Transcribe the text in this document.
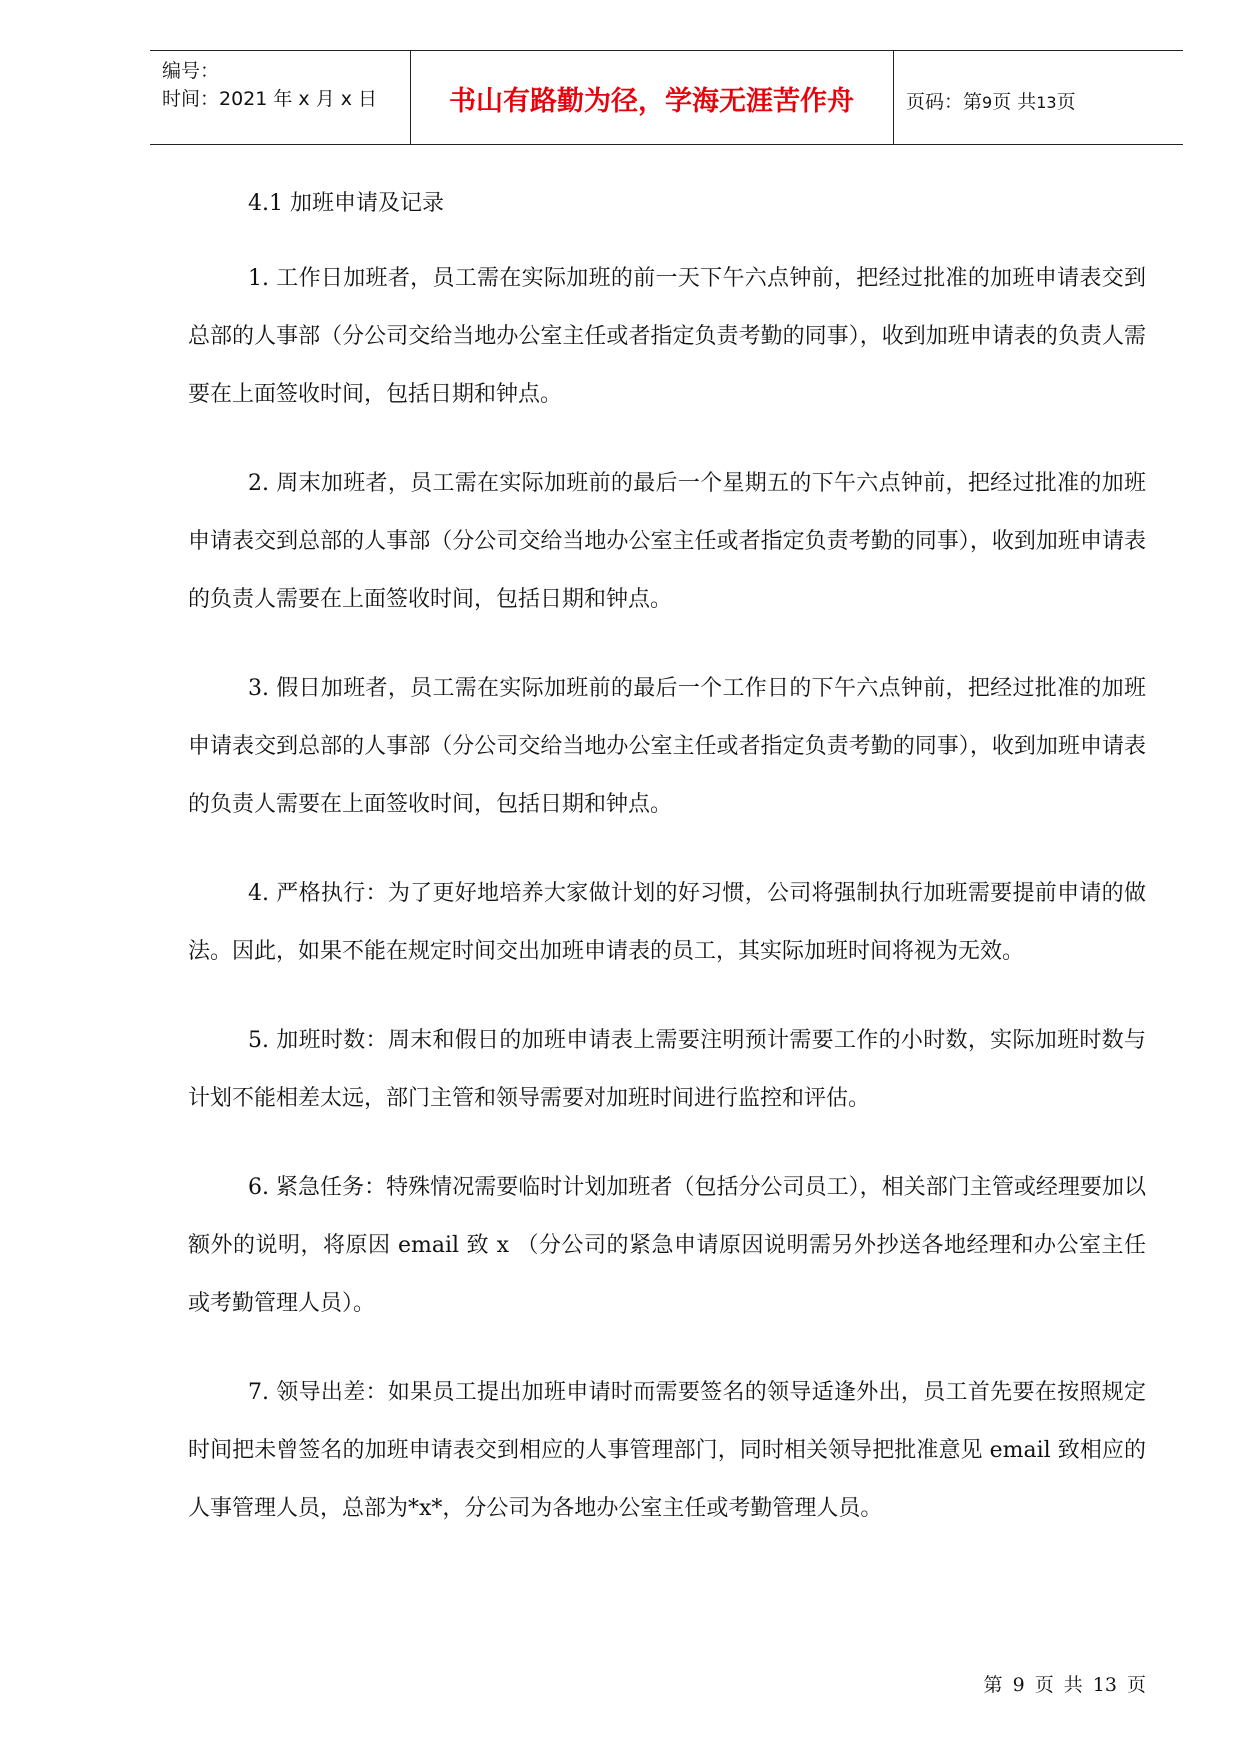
编号：
时间：2021 年 x 月 x 日	书山有路勤为径，学海无涯苦作舟	页码：第9页 共13页
4.1 加班申请及记录

1. 工作日加班者，员工需在实际加班的前一天下午六点钟前，把经过批准的加班申请表交到总部的人事部（分公司交给当地办公室主任或者指定负责考勤的同事），收到加班申请表的负责人需要在上面签收时间，包括日期和钟点。

2. 周末加班者，员工需在实际加班前的最后一个星期五的下午六点钟前，把经过批准的加班申请表交到总部的人事部（分公司交给当地办公室主任或者指定负责考勤的同事），收到加班申请表的负责人需要在上面签收时间，包括日期和钟点。

3. 假日加班者，员工需在实际加班前的最后一个工作日的下午六点钟前，把经过批准的加班申请表交到总部的人事部（分公司交给当地办公室主任或者指定负责考勤的同事），收到加班申请表的负责人需要在上面签收时间，包括日期和钟点。

4. 严格执行：为了更好地培养大家做计划的好习惯，公司将强制执行加班需要提前申请的做法。因此，如果不能在规定时间交出加班申请表的员工，其实际加班时间将视为无效。

5. 加班时数：周末和假日的加班申请表上需要注明预计需要工作的小时数，实际加班时数与计划不能相差太远，部门主管和领导需要对加班时间进行监控和评估。

6. 紧急任务：特殊情况需要临时计划加班者（包括分公司员工），相关部门主管或经理要加以额外的说明，将原因 email 致 x （分公司的紧急申请原因说明需另外抄送各地经理和办公室主任或考勤管理人员）。

7. 领导出差：如果员工提出加班申请时而需要签名的领导适逢外出，员工首先要在按照规定时间把未曾签名的加班申请表交到相应的人事管理部门，同时相关领导把批准意见 email 致相应的人事管理人员，总部为*x*，分公司为各地办公室主任或考勤管理人员。

第 9 页 共 13 页
